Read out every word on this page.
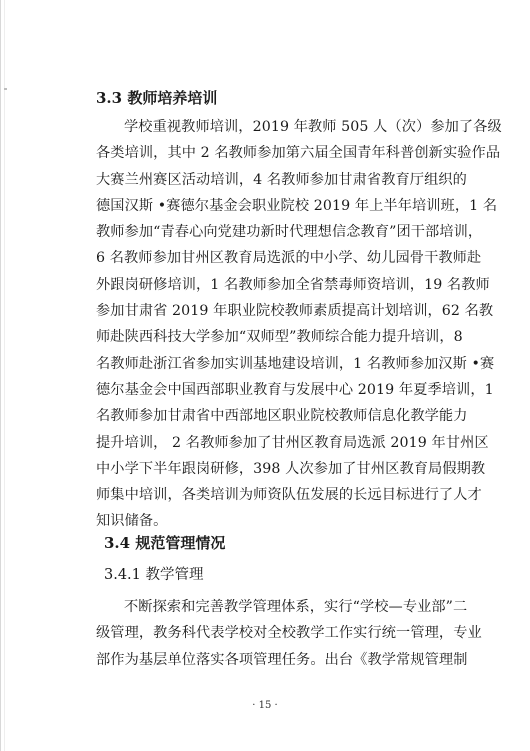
3.3 教师培养培训
学校重视教师培训，2019 年教师 505 人（次）参加了各级
各类培训，其中 2 名教师参加第六届全国青年科普创新实验作品
大赛兰州赛区活动培训，4 名教师参加甘肃省教育厅组织的
德国汉斯 •赛德尔基金会职业院校 2019 年上半年培训班，1 名
教师参加“青春心向党建功新时代理想信念教育”团干部培训，
6 名教师参加甘州区教育局选派的中小学、幼儿园骨干教师赴
外跟岗研修培训，1 名教师参加全省禁毒师资培训，19 名教师
参加甘肃省 2019 年职业院校教师素质提高计划培训，62 名教
师赴陕西科技大学参加“双师型”教师综合能力提升培训，8
名教师赴浙江省参加实训基地建设培训，1 名教师参加汉斯 •赛
德尔基金会中国西部职业教育与发展中心 2019 年夏季培训，1
名教师参加甘肃省中西部地区职业院校教师信息化教学能力
提升培训， 2 名教师参加了甘州区教育局选派 2019 年甘州区
中小学下半年跟岗研修，398 人次参加了甘州区教育局假期教
师集中培训，各类培训为师资队伍发展的长远目标进行了人才
知识储备。
3.4 规范管理情况
3.4.1 教学管理
不断探索和完善教学管理体系，实行“学校—专业部”二
级管理，教务科代表学校对全校教学工作实行统一管理，专业
部作为基层单位落实各项管理任务。出台《教学常规管理制
· 15 ·
